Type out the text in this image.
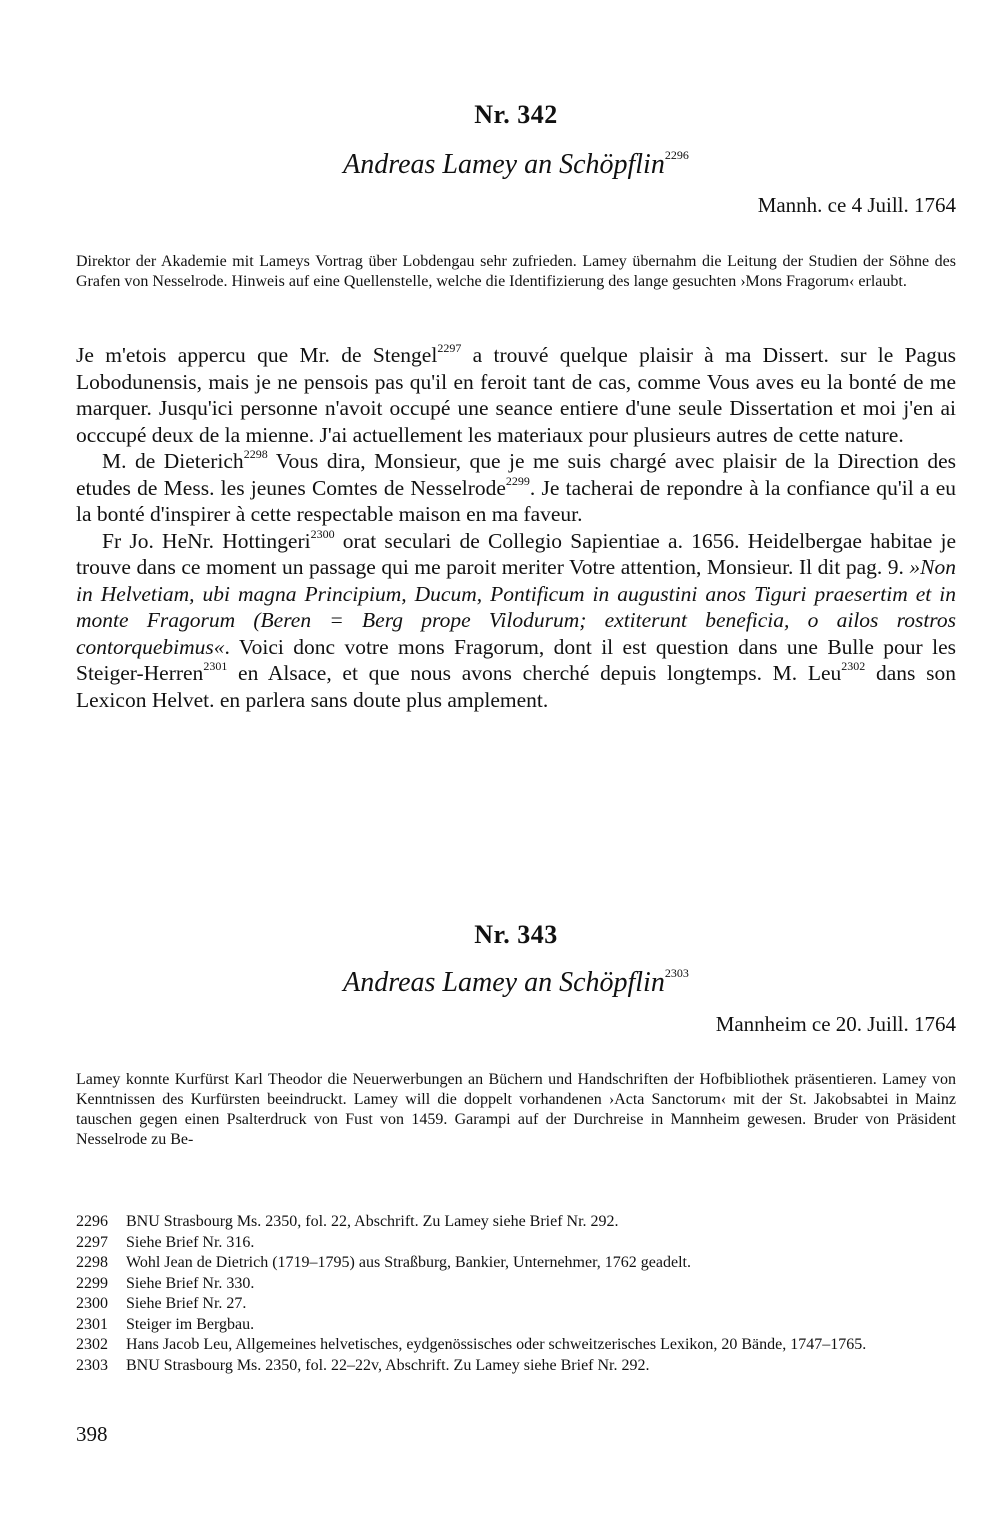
Nr. 342
Andreas Lamey an Schöpflin$^{2296}$
Mannh. ce 4 Juill. 1764
Direktor der Akademie mit Lameys Vortrag über Lobdengau sehr zufrieden. Lamey übernahm die Leitung der Studien der Söhne des Grafen von Nesselrode. Hinweis auf eine Quellenstelle, welche die Identifizierung des lange gesuchten ›Mons Fragorum‹ erlaubt.

Je m'etois appercu que Mr. de Stengel$^{2297}$ a trouvé quelque plaisir à ma Dissert. sur le Pagus Lobodunensis, mais je ne pensois pas qu'il en feroit tant de cas, comme Vous aves eu la bonté de me marquer. Jusqu'ici personne n'avoit occupé une seance entiere d'une seule Dissertation et moi j'en ai occcupé deux de la mienne. J'ai actuellement les materiaux pour plusieurs autres de cette nature.

M. de Dieterich$^{2298}$ Vous dira, Monsieur, que je me suis chargé avec plaisir de la Direction des etudes de Mess. les jeunes Comtes de Nesselrode$^{2299}$. Je tacherai de repondre à la confiance qu'il a eu la bonté d'inspirer à cette respectable maison en ma faveur.

Fr Jo. HeNr. Hottingeri$^{2300}$ orat seculari de Collegio Sapientiae a. 1656. Heidelbergae habitae je trouve dans ce moment un passage qui me paroit meriter Votre attention, Monsieur. Il dit pag. 9. »Non in Helvetiam, ubi magna Principium, Ducum, Pontificum in augustini anos Tiguri praesertim et in monte Fragorum (Beren = Berg prope Vilodurum; extiterunt beneficia, o ailos rostros contorquebimus«. Voici donc votre mons Fragorum, dont il est question dans une Bulle pour les Steiger-Herren$^{2301}$ en Alsace, et que nous avons cherché depuis longtemps. M. Leu$^{2302}$ dans son Lexicon Helvet. en parlera sans doute plus amplement.

Nr. 343
Andreas Lamey an Schöpflin$^{2303}$
Mannheim ce 20. Juill. 1764
Lamey konnte Kurfürst Karl Theodor die Neuerwerbungen an Büchern und Handschriften der Hofbibliothek präsentieren. Lamey von Kenntnissen des Kurfürsten beeindruckt. Lamey will die doppelt vorhandenen ›Acta Sanctorum‹ mit der St. Jakobsabtei in Mainz tauschen gegen einen Psalterdruck von Fust von 1459. Garampi auf der Durchreise in Mannheim gewesen. Bruder von Präsident Nesselrode zu Be-
2296	BNU Strasbourg Ms. 2350, fol. 22, Abschrift. Zu Lamey siehe Brief Nr. 292.
2297	Siehe Brief Nr. 316.
2298	Wohl Jean de Dietrich (1719–1795) aus Straßburg, Bankier, Unternehmer, 1762 geadelt.
2299	Siehe Brief Nr. 330.
2300	Siehe Brief Nr. 27.
2301	Steiger im Bergbau.
2302	Hans Jacob Leu, Allgemeines helvetisches, eydgenössisches oder schweitzerisches Lexikon, 20 Bände, 1747–1765.
2303	BNU Strasbourg Ms. 2350, fol. 22–22v, Abschrift. Zu Lamey siehe Brief Nr. 292.
398
